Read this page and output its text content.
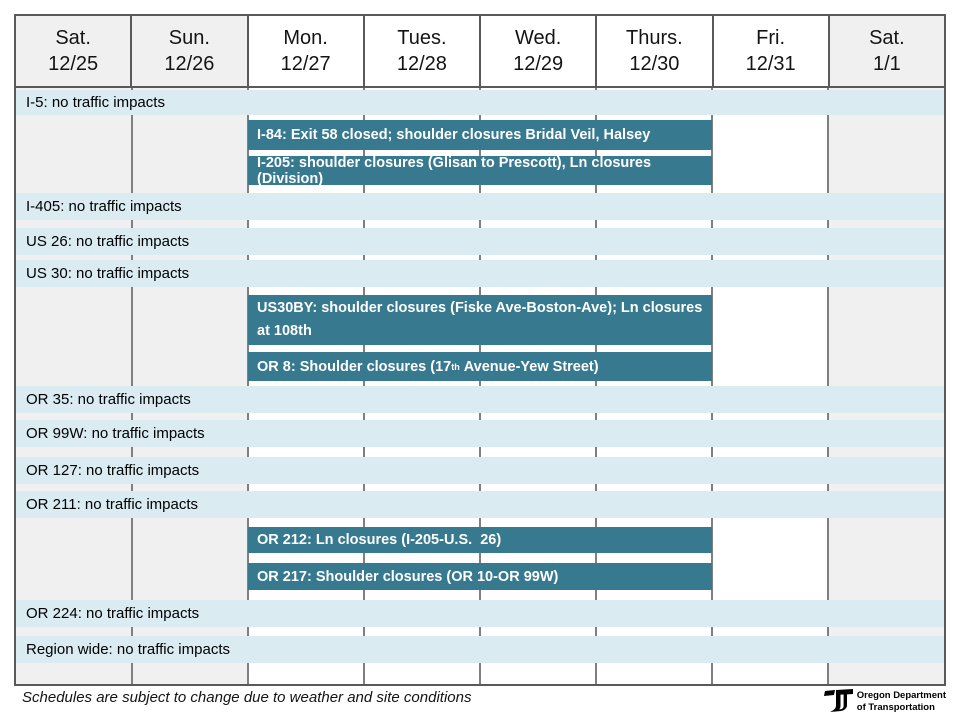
Sat.
12/25
Sun.
12/26
Mon.
12/27
Tues.
12/28
Wed.
12/29
Thurs.
12/30
Fri.
12/31
Sat.
1/1
I-5: no traffic impacts
I-84: Exit 58 closed; shoulder closures Bridal Veil, Halsey
I-205: shoulder closures (Glisan to Prescott), Ln closures (Division)
I-405: no traffic impacts
US 26: no traffic impacts
US 30: no traffic impacts
US30BY: shoulder closures (Fiske Ave-Boston-Ave); Ln closures at 108th
OR 8: Shoulder closures (17 th Avenue-Yew Street)
OR 35: no traffic impacts
OR 99W: no traffic impacts
OR 127: no traffic impacts
OR 211: no traffic impacts
OR 212: Ln closures (I-205-U.S.  26)
OR 217: Shoulder closures (OR 10-OR 99W)
OR 224: no traffic impacts
Region wide: no traffic impacts
Schedules are subject to change due to weather and site conditions	Oregon Department
of Transportation
